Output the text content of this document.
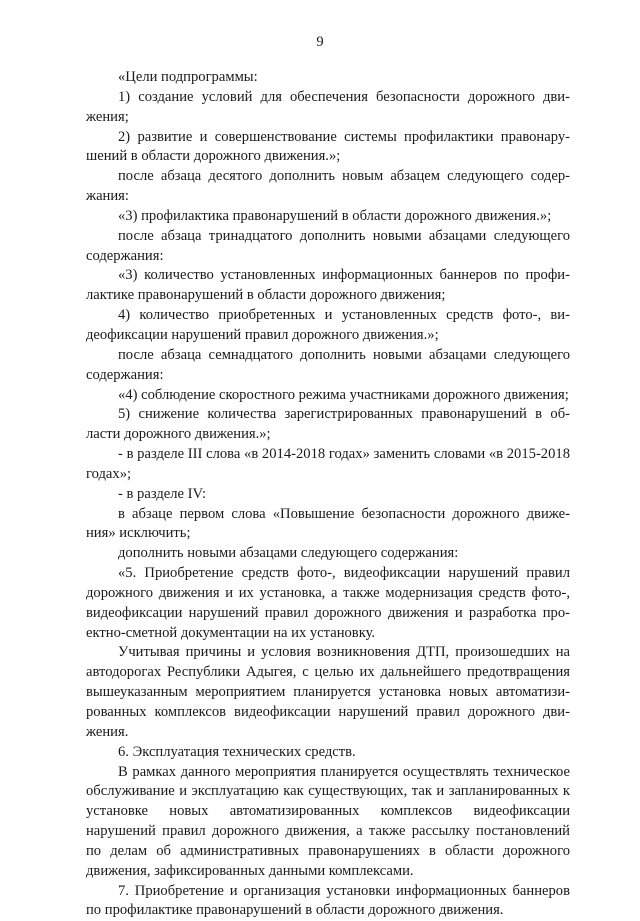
9

«Цели подпрограммы:

1) создание условий для обеспечения безопасности дорожного движения;

2) развитие и совершенствование системы профилактики правонарушений в области дорожного движения.»;

после абзаца десятого дополнить новым абзацем следующего содержания:

«3) профилактика правонарушений в области дорожного движения.»;

после абзаца тринадцатого дополнить новыми абзацами следующего содержания:

«3) количество установленных информационных баннеров по профилактике правонарушений в области дорожного движения;

4) количество приобретенных и установленных средств фото-, видеофиксации нарушений правил дорожного движения.»;

после абзаца семнадцатого дополнить новыми абзацами следующего содержания:

«4) соблюдение скоростного режима участниками дорожного движения;

5) снижение количества зарегистрированных правонарушений в области дорожного движения.»;

- в разделе III слова «в 2014-2018 годах» заменить словами «в 2015-2018 годах»;

- в разделе IV:

в абзаце первом слова «Повышение безопасности дорожного движения» исключить;

дополнить новыми абзацами следующего содержания:

«5. Приобретение средств фото-, видеофиксации нарушений правил дорожного движения и их установка, а также модернизация средств фото-, видеофиксации нарушений правил дорожного движения и разработка проектно-сметной документации на их установку.

Учитывая причины и условия возникновения ДТП, произошедших на автодорогах Республики Адыгея, с целью их дальнейшего предотвращения вышеуказанным мероприятием планируется установка новых автоматизированных комплексов видеофиксации нарушений правил дорожного движения.

6. Эксплуатация технических средств.

В рамках данного мероприятия планируется осуществлять техническое обслуживание и эксплуатацию как существующих, так и запланированных к установке новых автоматизированных комплексов видеофиксации нарушений правил дорожного движения, а также рассылку постановлений по делам об административных правонарушениях в области дорожного движения, зафиксированных данными комплексами.

7. Приобретение и организация установки информационных баннеров по профилактике правонарушений в области дорожного движения.
